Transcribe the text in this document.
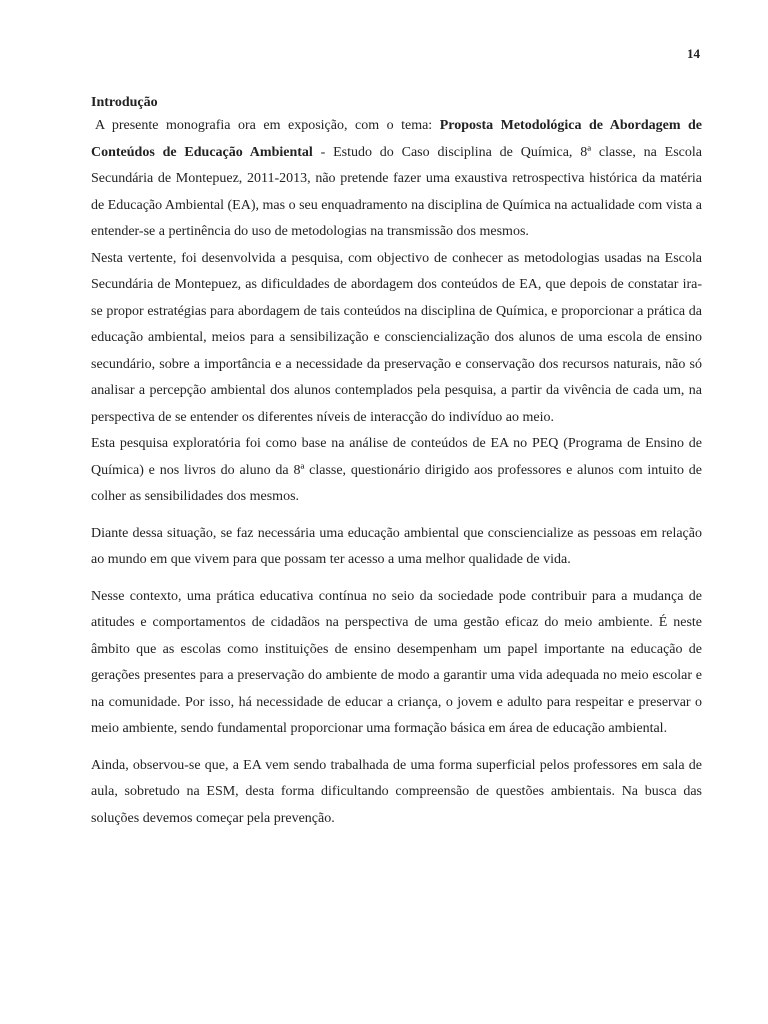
14
Introdução

A presente monografia ora em exposição, com o tema: Proposta Metodológica de Abordagem de Conteúdos de Educação Ambiental - Estudo do Caso disciplina de Química, 8ª classe, na Escola Secundária de Montepuez, 2011-2013, não pretende fazer uma exaustiva retrospectiva histórica da matéria de Educação Ambiental (EA), mas o seu enquadramento na disciplina de Química na actualidade com vista a entender-se a pertinência do uso de metodologias na transmissão dos mesmos.

Nesta vertente, foi desenvolvida a pesquisa, com objectivo de conhecer as metodologias usadas na Escola Secundária de Montepuez, as dificuldades de abordagem dos conteúdos de EA, que depois de constatar ira-se propor estratégias para abordagem de tais conteúdos na disciplina de Química, e proporcionar a prática da educação ambiental, meios para a sensibilização e consciencialização dos alunos de uma escola de ensino secundário, sobre a importância e a necessidade da preservação e conservação dos recursos naturais, não só analisar a percepção ambiental dos alunos contemplados pela pesquisa, a partir da vivência de cada um, na perspectiva de se entender os diferentes níveis de interacção do indivíduo ao meio.

Esta pesquisa exploratória foi como base na análise de conteúdos de EA no PEQ (Programa de Ensino de Química) e nos livros do aluno da 8ª classe, questionário dirigido aos professores e alunos com intuito de colher as sensibilidades dos mesmos.

Diante dessa situação, se faz necessária uma educação ambiental que consciencialize as pessoas em relação ao mundo em que vivem para que possam ter acesso a uma melhor qualidade de vida.

Nesse contexto, uma prática educativa contínua no seio da sociedade pode contribuir para a mudança de atitudes e comportamentos de cidadãos na perspectiva de uma gestão eficaz do meio ambiente. É neste âmbito que as escolas como instituições de ensino desempenham um papel importante na educação de gerações presentes para a preservação do ambiente de modo a garantir uma vida adequada no meio escolar e na comunidade. Por isso, há necessidade de educar a criança, o jovem e adulto para respeitar e preservar o meio ambiente, sendo fundamental proporcionar uma formação básica em área de educação ambiental.

Ainda, observou-se que, a EA vem sendo trabalhada de uma forma superficial pelos professores em sala de aula, sobretudo na ESM, desta forma dificultando compreensão de questões ambientais. Na busca das soluções devemos começar pela prevenção.
